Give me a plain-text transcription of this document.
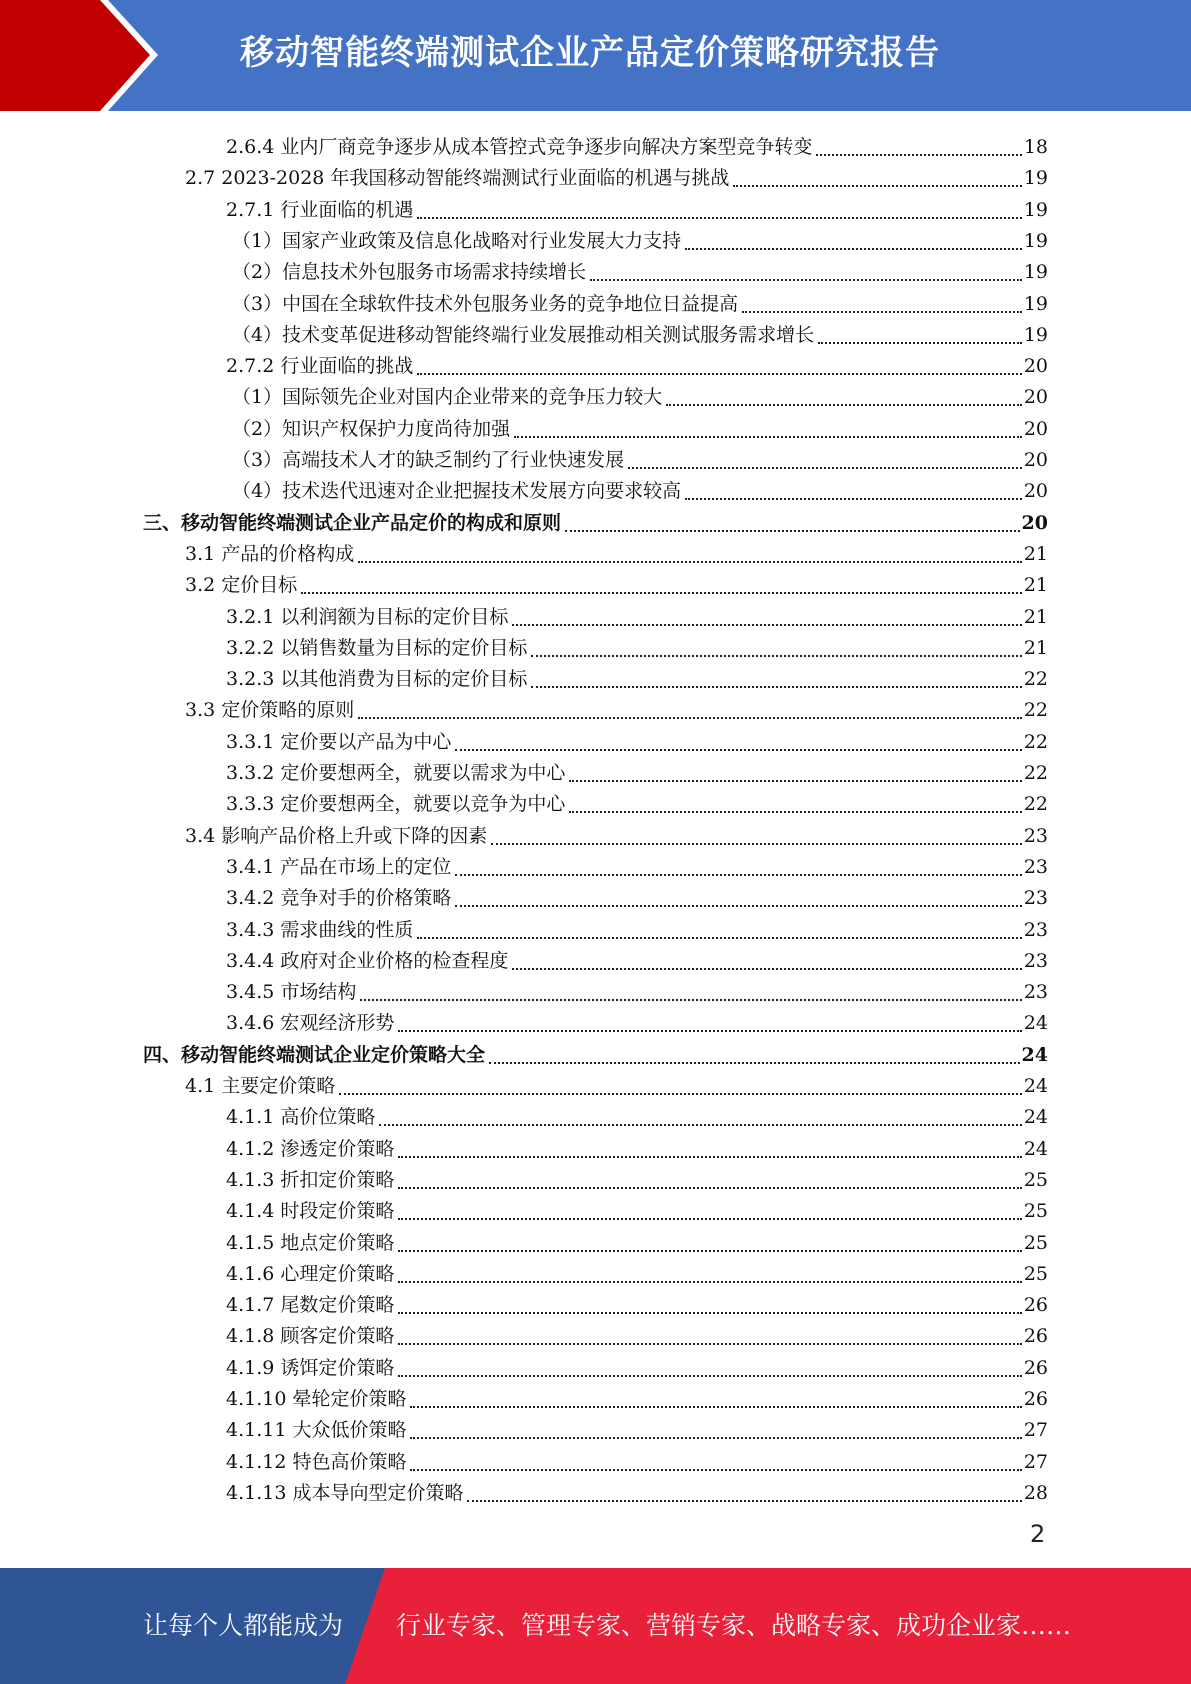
移动智能终端测试企业产品定价策略研究报告
2.6.4 业内厂商竞争逐步从成本管控式竞争逐步向解决方案型竞争转变	18
2.7 2023-2028 年我国移动智能终端测试行业面临的机遇与挑战	19
2.7.1 行业面临的机遇	19
（1）国家产业政策及信息化战略对行业发展大力支持	19
（2）信息技术外包服务市场需求持续增长	19
（3）中国在全球软件技术外包服务业务的竞争地位日益提高	19
（4）技术变革促进移动智能终端行业发展推动相关测试服务需求增长	19
2.7.2 行业面临的挑战	20
（1）国际领先企业对国内企业带来的竞争压力较大	20
（2）知识产权保护力度尚待加强	20
（3）高端技术人才的缺乏制约了行业快速发展	20
（4）技术迭代迅速对企业把握技术发展方向要求较高	20
三、移动智能终端测试企业产品定价的构成和原则	20
3.1 产品的价格构成	21
3.2 定价目标	21
3.2.1 以利润额为目标的定价目标	21
3.2.2 以销售数量为目标的定价目标	21
3.2.3 以其他消费为目标的定价目标	22
3.3 定价策略的原则	22
3.3.1 定价要以产品为中心	22
3.3.2 定价要想两全，就要以需求为中心	22
3.3.3 定价要想两全，就要以竞争为中心	22
3.4 影响产品价格上升或下降的因素	23
3.4.1 产品在市场上的定位	23
3.4.2 竞争对手的价格策略	23
3.4.3 需求曲线的性质	23
3.4.4 政府对企业价格的检查程度	23
3.4.5 市场结构	23
3.4.6 宏观经济形势	24
四、移动智能终端测试企业定价策略大全	24
4.1 主要定价策略	24
4.1.1 高价位策略	24
4.1.2 渗透定价策略	24
4.1.3 折扣定价策略	25
4.1.4 时段定价策略	25
4.1.5 地点定价策略	25
4.1.6 心理定价策略	25
4.1.7 尾数定价策略	26
4.1.8 顾客定价策略	26
4.1.9 诱饵定价策略	26
4.1.10 晕轮定价策略	26
4.1.11 大众低价策略	27
4.1.12 特色高价策略	27
4.1.13 成本导向型定价策略	28
2
让每个人都能成为 行业专家、管理专家、营销专家、战略专家、成功企业家……
